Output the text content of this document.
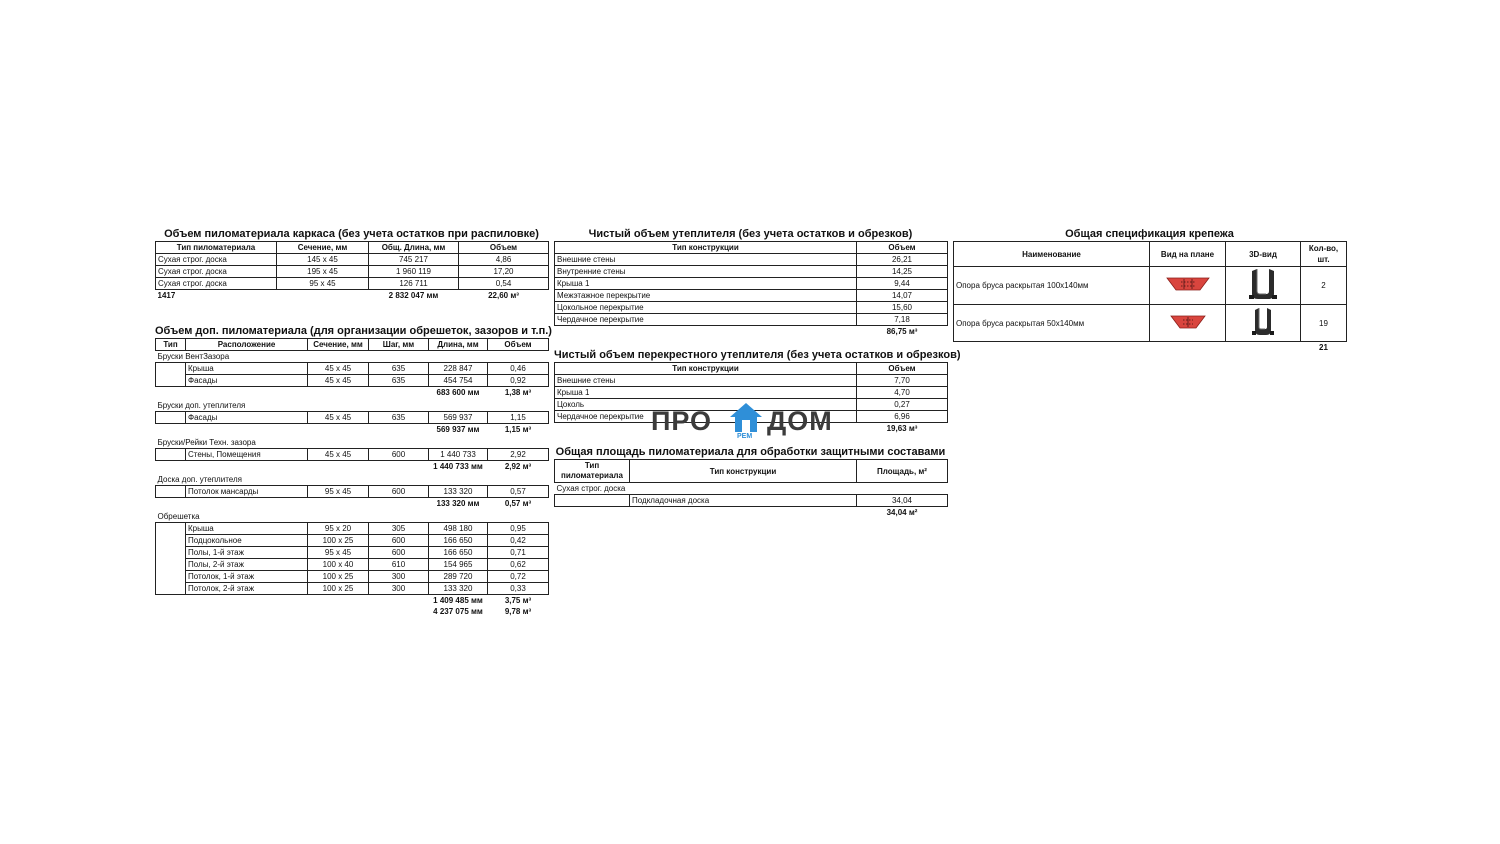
Объем пиломатериала каркаса (без учета остатков при распиловке)
Тип пиломатериала	Сечение, мм	Общ. Длина, мм	Объем
Сухая строг. доска	145 x 45	745 217	4,86
Сухая строг. доска	195 x 45	1 960 119	17,20
Сухая строг. доска	95 x 45	126 711	0,54
1417		2 832 047 мм	22,60 м³
Объем доп. пиломатериала (для организации обрешеток, зазоров и т.п.)
Тип	Расположение	Сечение, мм	Шаг, мм	Длина, мм	Объем
Бруски ВентЗазора					
	Крыша	45 x 45	635	228 847	0,46
	Фасады	45 x 45	635	454 754	0,92
				683 600 мм	1,38 м³

Бруски доп. утеплителя					
	Фасады	45 x 45	635	569 937	1,15
				569 937 мм	1,15 м³

Бруски/Рейки Техн. зазора					
	Стены, Помещения	45 x 45	600	1 440 733	2,92
				1 440 733 мм	2,92 м³

Доска доп. утеплителя					
	Потолок мансарды	95 x 45	600	133 320	0,57
				133 320 мм	0,57 м³

Обрешетка					
	Крыша	95 x 20	305	498 180	0,95
	Подцокольное	100 x 25	600	166 650	0,42
	Полы, 1-й этаж	95 x 45	600	166 650	0,71
	Полы, 2-й этаж	100 x 40	610	154 965	0,62
	Потолок, 1-й этаж	100 x 25	300	289 720	0,72
	Потолок, 2-й этаж	100 x 25	300	133 320	0,33
				1 409 485 мм	3,75 м³
				4 237 075 мм	9,78 м³
Чистый объем утеплителя (без учета остатков и обрезков)
Тип конструкции	Объем
Внешние стены	26,21
Внутренние стены	14,25
Крыша 1	9,44
Межэтажное перекрытие	14,07
Цокольное перекрытие	15,60
Чердачное перекрытие	7,18
	86,75 м³
Чистый объем перекрестного утеплителя (без учета остатков и обрезков)
Тип конструкции	Объем
Внешние стены	7,70
Крыша 1	4,70
Цоколь	0,27
Чердачное перекрытие	6,96
	19,63 м³
Общая площадь пиломатериала для обработки защитными составами
Тип пиломатериала	Тип конструкции	Площадь, м²
Сухая строг. доска		
	Подкладочная доска	34,04
		34,04 м²
Общая спецификация крепежа
Наименование	Вид на плане	3D-вид	Кол-во, шт.
Опора бруса раскрытая 100x140мм			2
Опора бруса раскрытая 50x140мм			19
			21
ПРО ДОМ
РЕМ
